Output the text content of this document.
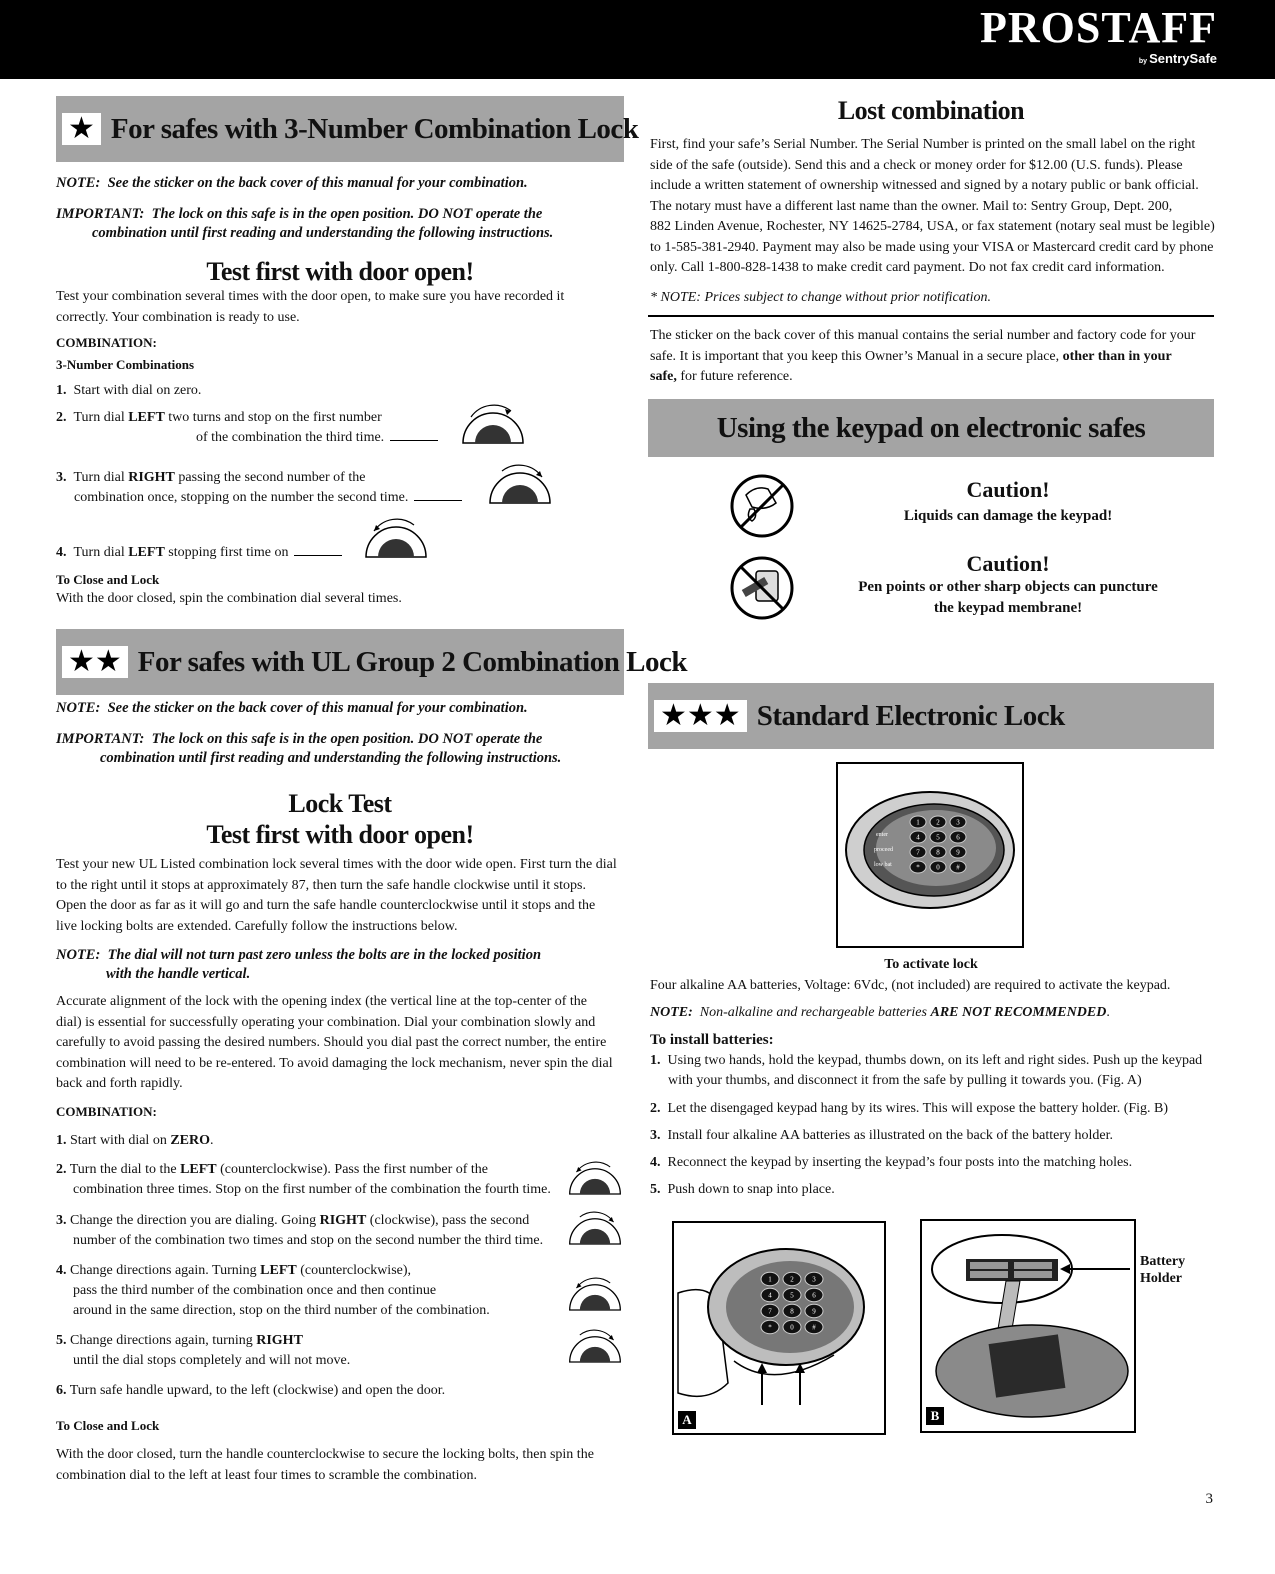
PROSTAFF
by SentrySafe
★ For safes with 3-Number Combination Lock
NOTE: See the sticker on the back cover of this manual for your combination.
IMPORTANT: The lock on this safe is in the open position. DO NOT operate the
combination until first reading and understanding the following instructions.
Test first with door open!
Test your combination several times with the door open, to make sure you have recorded it
correctly. Your combination is ready to use.
COMBINATION:
3-Number Combinations
1. Start with dial on zero.
2. Turn dial LEFT two turns and stop on the first number
of the combination the third time.
3. Turn dial RIGHT passing the second number of the
combination once, stopping on the number the second time.
4. Turn dial LEFT stopping first time on
To Close and Lock
With the door closed, spin the combination dial several times.
★★ For safes with UL Group 2 Combination Lock
NOTE: See the sticker on the back cover of this manual for your combination.
IMPORTANT: The lock on this safe is in the open position. DO NOT operate the
combination until first reading and understanding the following instructions.
Lock Test
Test first with door open!
Test your new UL Listed combination lock several times with the door wide open. First turn the dial
to the right until it stops at approximately 87, then turn the safe handle clockwise until it stops.
Open the door as far as it will go and turn the safe handle counterclockwise until it stops and the
live locking bolts are extended. Carefully follow the instructions below.
NOTE: The dial will not turn past zero unless the bolts are in the locked position
with the handle vertical.
Accurate alignment of the lock with the opening index (the vertical line at the top-center of the
dial) is essential for successfully operating your combination. Dial your combination slowly and
carefully to avoid passing the desired numbers. Should you dial past the correct number, the entire
combination will need to be re-entered. To avoid damaging the lock mechanism, never spin the dial
back and forth rapidly.
COMBINATION:
1. Start with dial on ZERO.
2. Turn the dial to the LEFT (counterclockwise). Pass the first number of the
combination three times. Stop on the first number of the combination the fourth time.
3. Change the direction you are dialing. Going RIGHT (clockwise), pass the second
number of the combination two times and stop on the second number the third time.
4. Change directions again. Turning LEFT (counterclockwise),
pass the third number of the combination once and then continue
around in the same direction, stop on the third number of the combination.
5. Change directions again, turning RIGHT
until the dial stops completely and will not move.
6. Turn safe handle upward, to the left (clockwise) and open the door.
To Close and Lock
With the door closed, turn the handle counterclockwise to secure the locking bolts, then spin the
combination dial to the left at least four times to scramble the combination.
Lost combination
First, find your safe’s Serial Number. The Serial Number is printed on the small label on the right
side of the safe (outside). Send this and a check or money order for $12.00 (U.S. funds). Please
include a written statement of ownership witnessed and signed by a notary public or bank official.
The notary must have a different last name than the owner. Mail to: Sentry Group, Dept. 200,
882 Linden Avenue, Rochester, NY 14625-2784, USA, or fax statement (notary seal must be legible)
to 1-585-381-2940. Payment may also be made using your VISA or Mastercard credit card by phone
only. Call 1-800-828-1438 to make credit card payment. Do not fax credit card information.
* NOTE: Prices subject to change without prior notification.
The sticker on the back cover of this manual contains the serial number and factory code for your
safe. It is important that you keep this Owner’s Manual in a secure place, other than in your
safe, for future reference.
Using the keypad on electronic safes
Caution!
Liquids can damage the keypad!
Caution!
Pen points or other sharp objects can puncture
the keypad membrane!
★★★ Standard Electronic Lock
1 2 3
4 5 6
7 8 9
* 0 #
enter
proceed
low bat
To activate lock
Four alkaline AA batteries, Voltage: 6Vdc, (not included) are required to activate the keypad.
NOTE: Non-alkaline and rechargeable batteries ARE NOT RECOMMENDED.
To install batteries:
1. Using two hands, hold the keypad, thumbs down, on its left and right sides. Push up the keypad
with your thumbs, and disconnect it from the safe by pulling it towards you. (Fig. A)
2. Let the disengaged keypad hang by its wires. This will expose the battery holder. (Fig. B)
3. Install four alkaline AA batteries as illustrated on the back of the battery holder.
4. Reconnect the keypad by inserting the keypad’s four posts into the matching holes.
5. Push down to snap into place.
1	2	3
4	5	6
7	8	9
*	0	#
A	B
Battery
Holder
3
